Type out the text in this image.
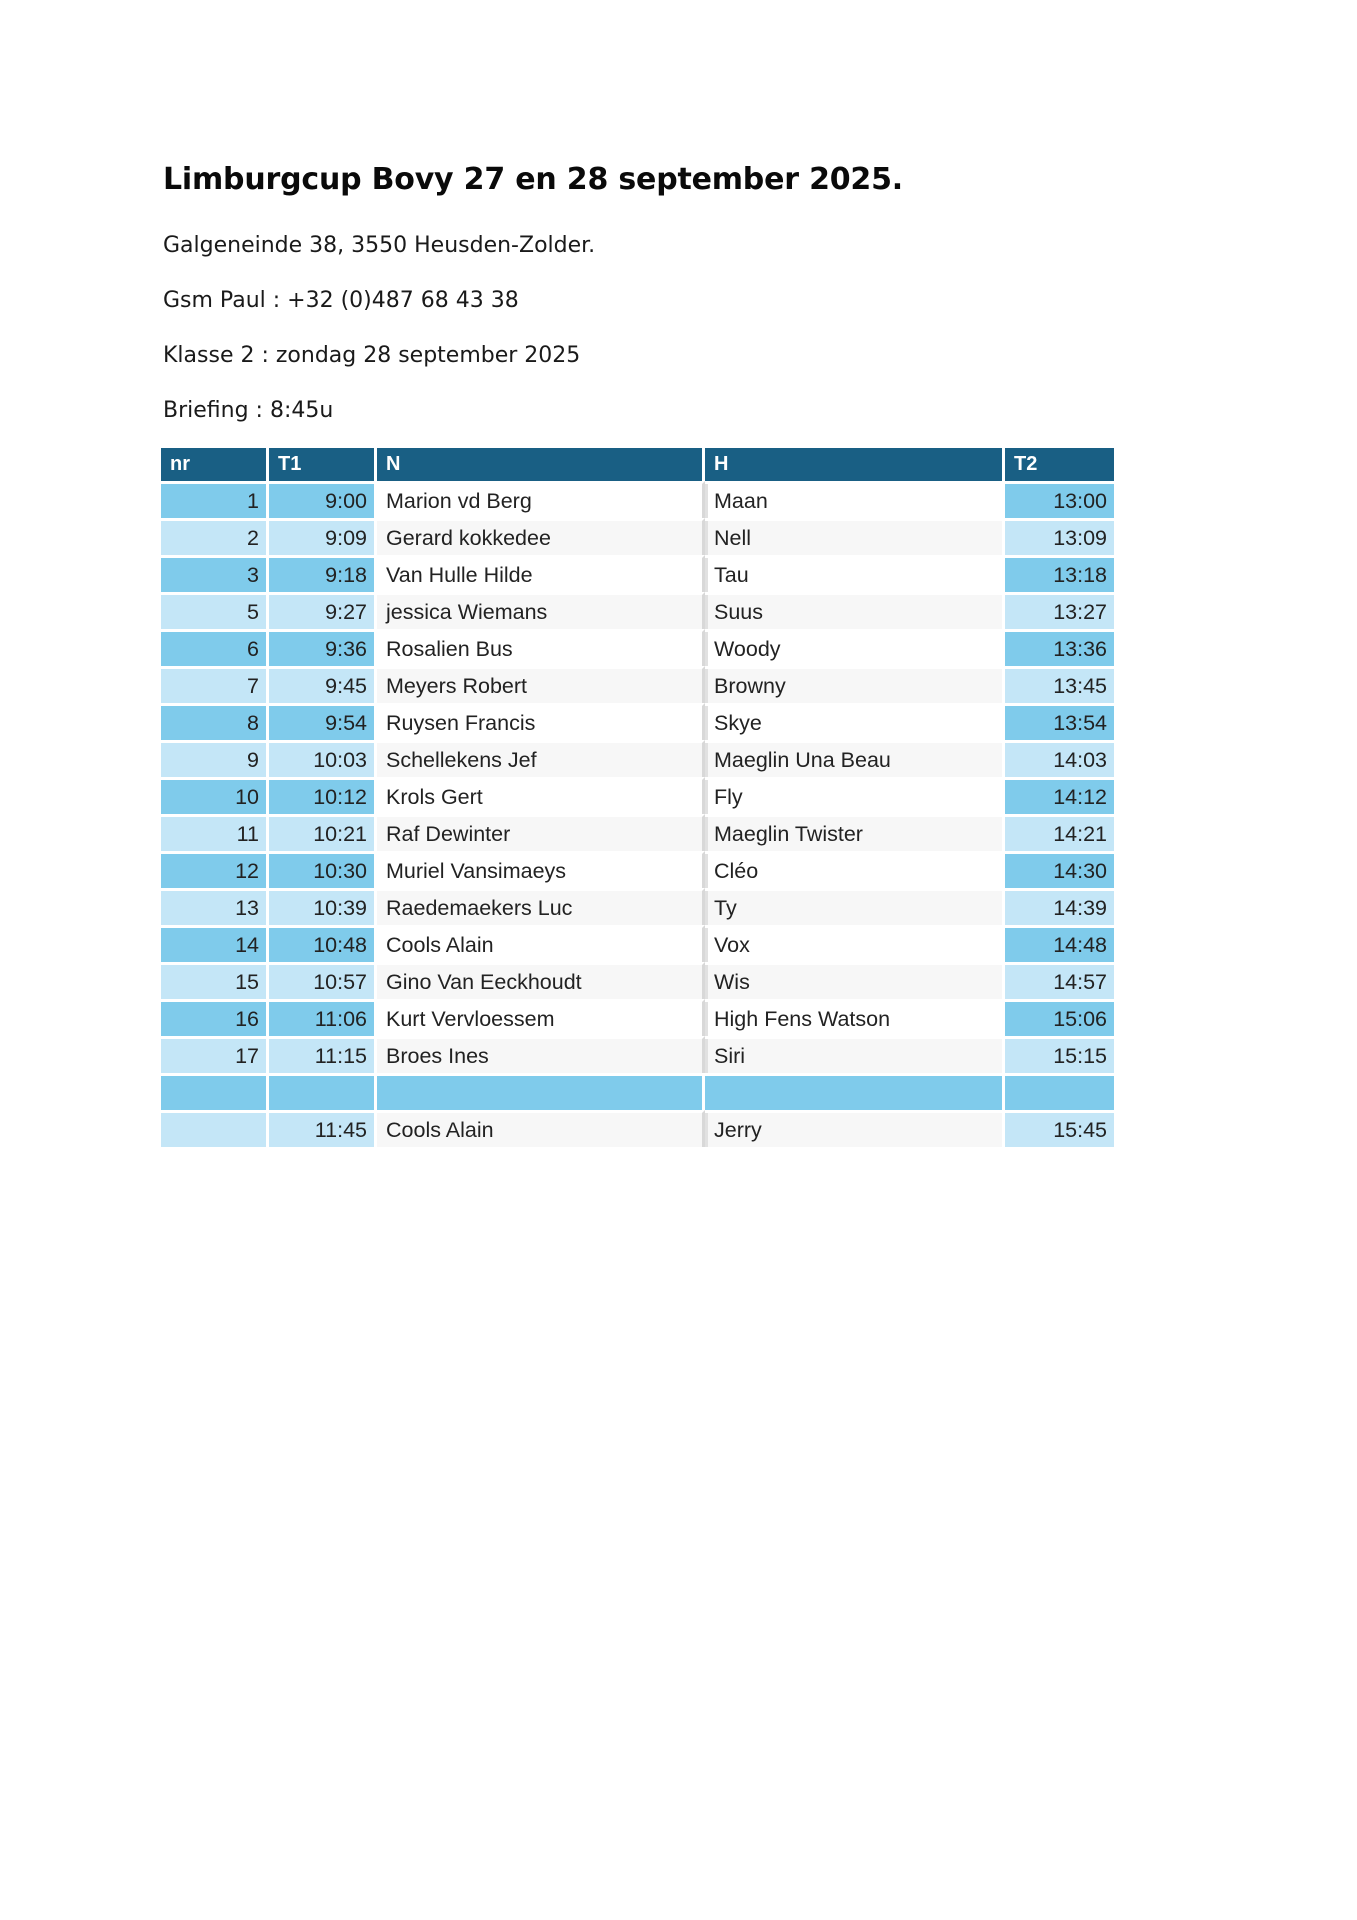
Limburgcup Bovy 27 en 28 september 2025.

Galgeneinde 38, 3550 Heusden-Zolder.

Gsm Paul : +32 (0)487 68 43 38

Klasse 2 : zondag 28 september 2025

Briefing : 8:45u

nr	T1	N	H	T2
1	9:00	Marion vd Berg	Maan	13:00
2	9:09	Gerard kokkedee	Nell	13:09
3	9:18	Van Hulle Hilde	Tau	13:18
5	9:27	jessica Wiemans	Suus	13:27
6	9:36	Rosalien Bus	Woody	13:36
7	9:45	Meyers Robert	Browny	13:45
8	9:54	Ruysen Francis	Skye	13:54
9	10:03	Schellekens Jef	Maeglin Una Beau	14:03
10	10:12	Krols Gert	Fly	14:12
11	10:21	Raf Dewinter	Maeglin Twister	14:21
12	10:30	Muriel Vansimaeys	Cléo	14:30
13	10:39	Raedemaekers Luc	Ty	14:39
14	10:48	Cools Alain	Vox	14:48
15	10:57	Gino Van Eeckhoudt	Wis	14:57
16	11:06	Kurt Vervloessem	High Fens Watson	15:06
17	11:15	Broes Ines	Siri	15:15

	11:45	Cools Alain	Jerry	15:45
